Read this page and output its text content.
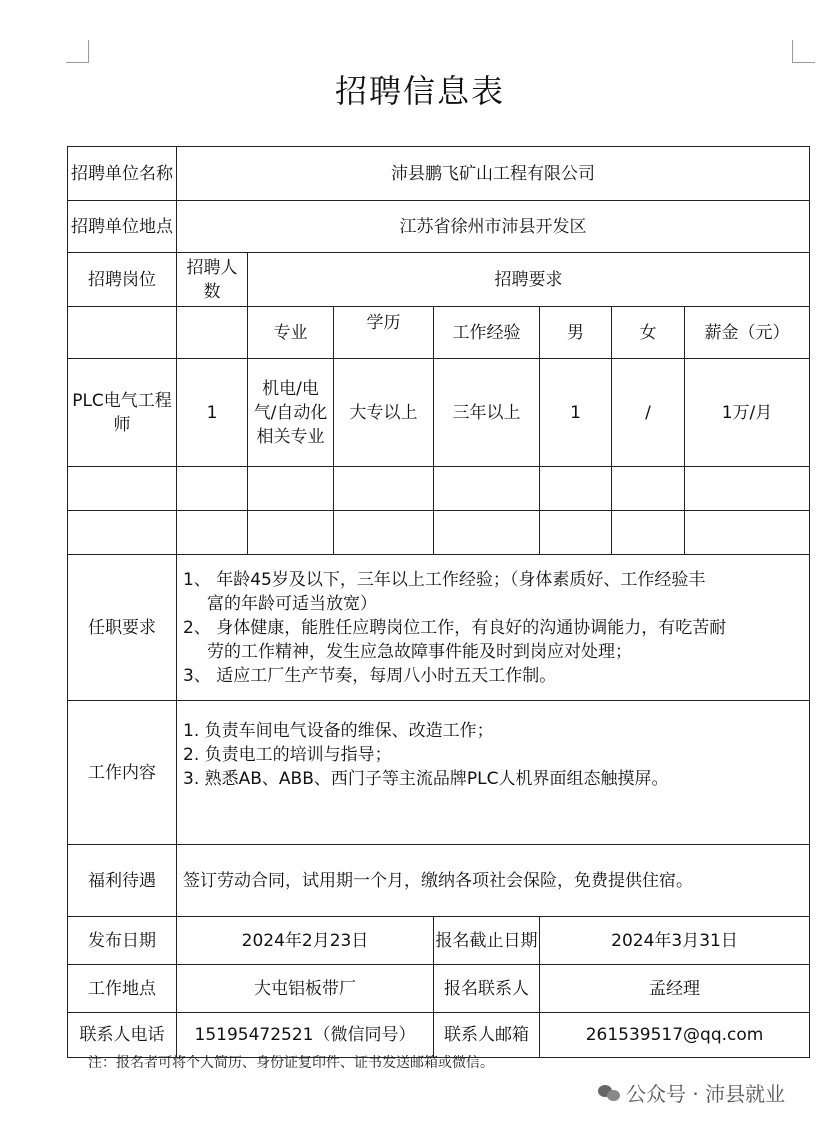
招聘信息表
招聘单位名称	沛县鹏飞矿山工程有限公司						
招聘单位地点	江苏省徐州市沛县开发区						
招聘岗位	招聘人数	招聘要求					
		专业	学历	工作经验	男	女	薪金（元）
PLC电气工程师	1	机电/电气/自动化相关专业	大专以上	三年以上	1	/	1万/月

任职要求	1、 年龄45岁及以下，三年以上工作经验；（身体素质好、工作经验丰
富的年龄可适当放宽）
2、 身体健康，能胜任应聘岗位工作，有良好的沟通协调能力，有吃苦耐
劳的工作精神，发生应急故障事件能及时到岗应对处理；
3、 适应工厂生产节奏，每周八小时五天工作制。						

工作内容	1. 负责车间电气设备的维保、改造工作；
2. 负责电工的培训与指导；
3. 熟悉AB、ABB、西门子等主流品牌PLC人机界面组态触摸屏。						

福利待遇	签订劳动合同，试用期一个月，缴纳各项社会保险，免费提供住宿。						
发布日期	2024年2月23日			报名截止日期	2024年3月31日		
工作地点	大屯铝板带厂			报名联系人	孟经理		
联系人电话	15195472521（微信同号）			联系人邮箱	261539517@qq.com		
注：报名者可将个人简历、身份证复印件、证书发送邮箱或微信。
公众号 · 沛县就业
